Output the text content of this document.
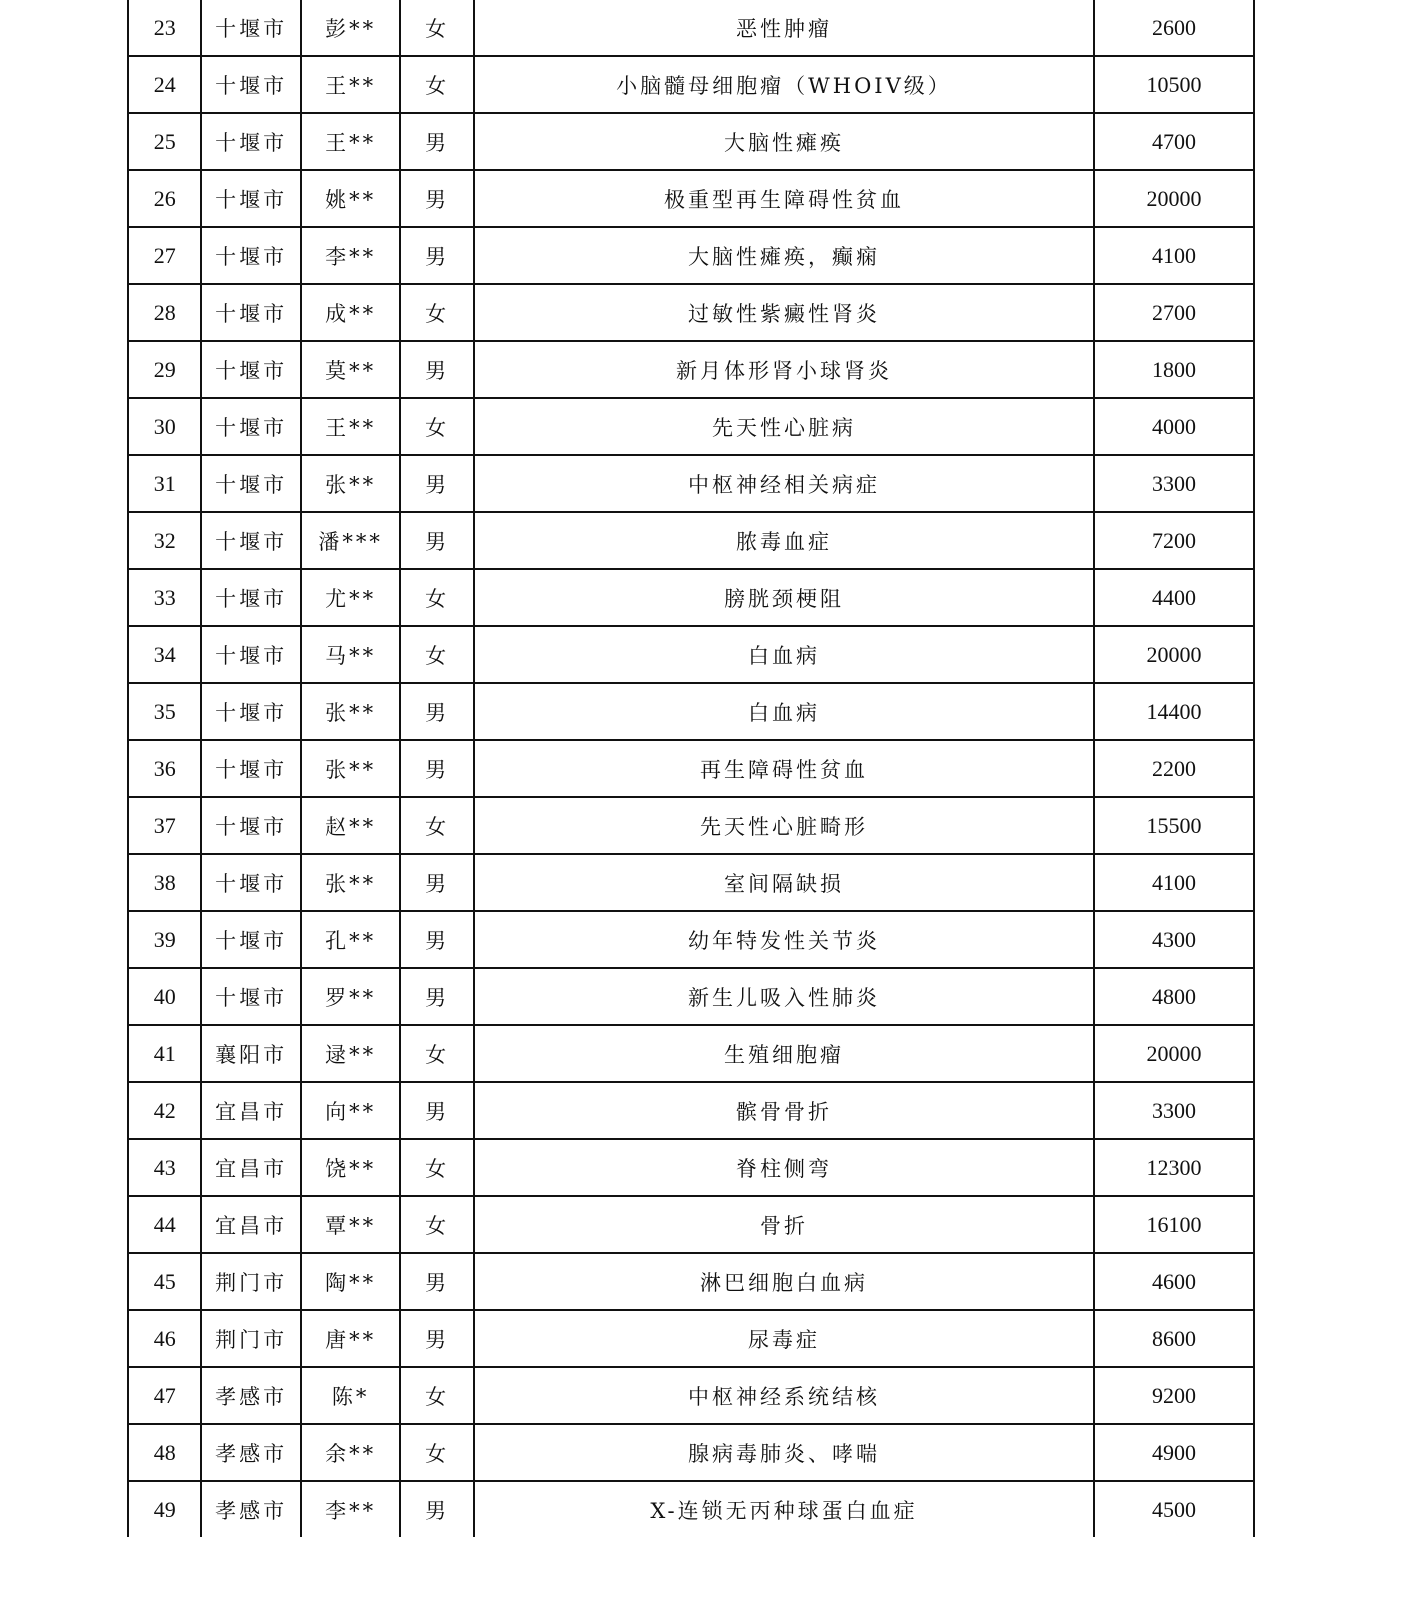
23	十堰市	彭**	女	恶性肿瘤	2600
24	十堰市	王**	女	小脑髓母细胞瘤（WHOIV级）	10500
25	十堰市	王**	男	大脑性瘫痪	4700
26	十堰市	姚**	男	极重型再生障碍性贫血	20000
27	十堰市	李**	男	大脑性瘫痪，癫痫	4100
28	十堰市	成**	女	过敏性紫癜性肾炎	2700
29	十堰市	莫**	男	新月体形肾小球肾炎	1800
30	十堰市	王**	女	先天性心脏病	4000
31	十堰市	张**	男	中枢神经相关病症	3300
32	十堰市	潘***	男	脓毒血症	7200
33	十堰市	尤**	女	膀胱颈梗阻	4400
34	十堰市	马**	女	白血病	20000
35	十堰市	张**	男	白血病	14400
36	十堰市	张**	男	再生障碍性贫血	2200
37	十堰市	赵**	女	先天性心脏畸形	15500
38	十堰市	张**	男	室间隔缺损	4100
39	十堰市	孔**	男	幼年特发性关节炎	4300
40	十堰市	罗**	男	新生儿吸入性肺炎	4800
41	襄阳市	逯**	女	生殖细胞瘤	20000
42	宜昌市	向**	男	髌骨骨折	3300
43	宜昌市	饶**	女	脊柱侧弯	12300
44	宜昌市	覃**	女	骨折	16100
45	荆门市	陶**	男	淋巴细胞白血病	4600
46	荆门市	唐**	男	尿毒症	8600
47	孝感市	陈*	女	中枢神经系统结核	9200
48	孝感市	余**	女	腺病毒肺炎、哮喘	4900
49	孝感市	李**	男	X-连锁无丙种球蛋白血症	4500
